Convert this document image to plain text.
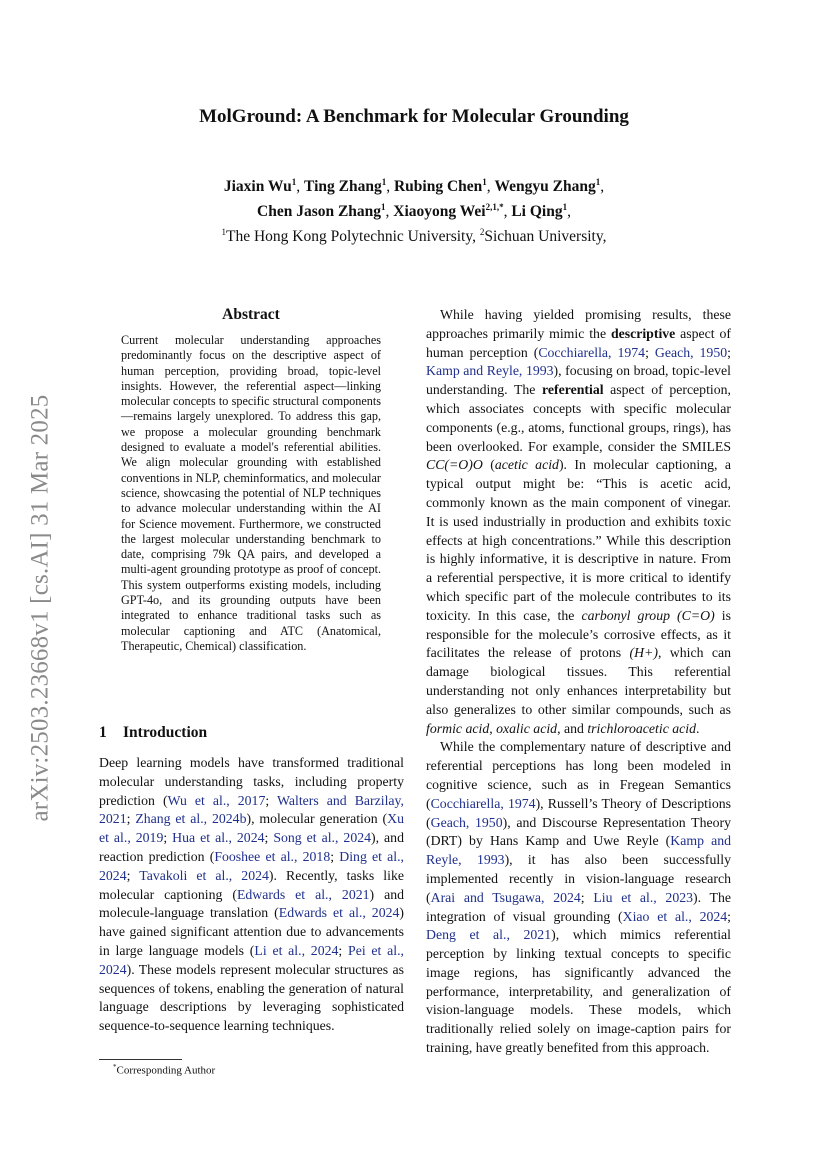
arXiv:2503.23668v1 [cs.AI] 31 Mar 2025
MolGround: A Benchmark for Molecular Grounding
Jiaxin Wu$^1$, Ting Zhang$^1$, Rubing Chen$^1$, Wengyu Zhang$^1$,
Chen Jason Zhang$^1$, Xiaoyong Wei$^{2,1,*}$, Li Qing$^1$,
$^1$The Hong Kong Polytechnic University, $^2$Sichuan University,
Abstract

Current molecular understanding approaches predominantly focus on the descriptive aspect of human perception, providing broad, topic-level insights. However, the referential aspect—linking molecular concepts to specific structural components—remains largely unexplored. To address this gap, we propose a molecular grounding benchmark designed to evaluate a model's referential abilities. We align molecular grounding with established conventions in NLP, cheminformatics, and molecular science, showcasing the potential of NLP techniques to advance molecular understanding within the AI for Science movement. Furthermore, we constructed the largest molecular understanding benchmark to date, comprising 79k QA pairs, and developed a multi-agent grounding prototype as proof of concept. This system outperforms existing models, including GPT-4o, and its grounding outputs have been integrated to enhance traditional tasks such as molecular captioning and ATC (Anatomical, Therapeutic, Chemical) classification.

1 Introduction

Deep learning models have transformed traditional molecular understanding tasks, including property prediction (Wu et al., 2017; Walters and Barzilay, 2021; Zhang et al., 2024b), molecular generation (Xu et al., 2019; Hua et al., 2024; Song et al., 2024), and reaction prediction (Fooshee et al., 2018; Ding et al., 2024; Tavakoli et al., 2024). Recently, tasks like molecular captioning (Edwards et al., 2021) and molecule-language translation (Edwards et al., 2024) have gained significant attention due to advancements in large language models (Li et al., 2024; Pei et al., 2024). These models represent molecular structures as sequences of tokens, enabling the generation of natural language descriptions by leveraging sophisticated sequence-to-sequence learning techniques.

*Corresponding Author

While having yielded promising results, these approaches primarily mimic the descriptive aspect of human perception (Cocchiarella, 1974; Geach, 1950; Kamp and Reyle, 1993), focusing on broad, topic-level understanding. The referential aspect of perception, which associates concepts with specific molecular components (e.g., atoms, functional groups, rings), has been overlooked. For example, consider the SMILES CC(=O)O (acetic acid). In molecular captioning, a typical output might be: “This is acetic acid, commonly known as the main component of vinegar. It is used industrially in production and exhibits toxic effects at high concentrations.” While this description is highly informative, it is descriptive in nature. From a referential perspective, it is more critical to identify which specific part of the molecule contributes to its toxicity. In this case, the carbonyl group (C=O) is responsible for the molecule’s corrosive effects, as it facilitates the release of protons (H+), which can damage biological tissues. This referential understanding not only enhances interpretability but also generalizes to other similar compounds, such as formic acid, oxalic acid, and trichloroacetic acid.

While the complementary nature of descriptive and referential perceptions has long been modeled in cognitive science, such as in Fregean Semantics (Cocchiarella, 1974), Russell’s Theory of Descriptions (Geach, 1950), and Discourse Representation Theory (DRT) by Hans Kamp and Uwe Reyle (Kamp and Reyle, 1993), it has also been successfully implemented recently in vision-language research (Arai and Tsugawa, 2024; Liu et al., 2023). The integration of visual grounding (Xiao et al., 2024; Deng et al., 2021), which mimics referential perception by linking textual concepts to specific image regions, has significantly advanced the performance, interpretability, and generalization of vision-language models. These models, which traditionally relied solely on image-caption pairs for training, have greatly benefited from this approach.
